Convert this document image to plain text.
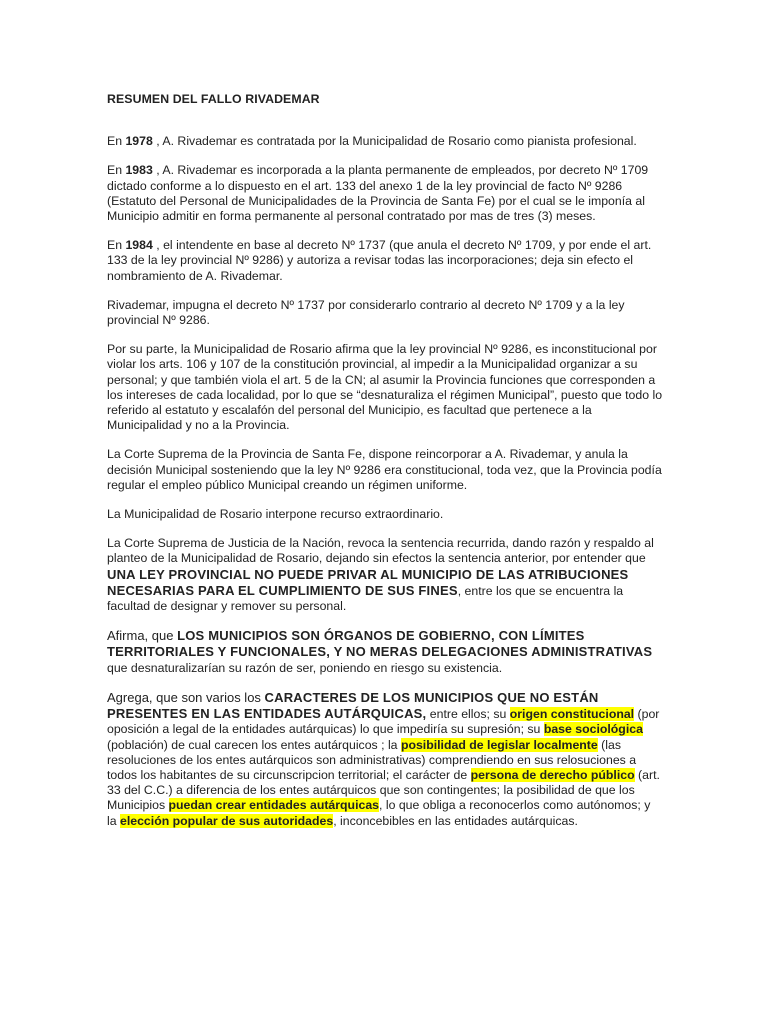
RESUMEN DEL FALLO RIVADEMAR

En 1978 , A. Rivademar es contratada por la Municipalidad de Rosario como pianista profesional.

En 1983 , A. Rivademar es incorporada a la planta permanente de empleados, por decreto Nº 1709 dictado conforme a lo dispuesto en el art. 133 del anexo 1 de la ley provincial de facto Nº 9286 (Estatuto del Personal de Municipalidades de la Provincia de Santa Fe) por el cual se le imponía al Municipio admitir en forma permanente al personal contratado por mas de tres (3) meses.

En 1984 , el intendente en base al decreto Nº 1737 (que anula el decreto Nº 1709, y por ende el art. 133 de la ley provincial Nº 9286) y autoriza a revisar todas las incorporaciones; deja sin efecto el nombramiento de A. Rivademar.

Rivademar, impugna el decreto Nº 1737 por considerarlo contrario al decreto Nº 1709 y a la ley provincial Nº 9286.

Por su parte, la Municipalidad de Rosario afirma que la ley provincial Nº 9286, es inconstitucional por violar los arts. 106 y 107 de la constitución provincial, al impedir a la Municipalidad organizar a su personal; y que también viola el art. 5 de la CN; al asumir la Provincia funciones que corresponden a los intereses de cada localidad, por lo que se “desnaturaliza el régimen Municipal”, puesto que todo lo referido al estatuto y escalafón del personal del Municipio, es facultad que pertenece a la Municipalidad y no a la Provincia.

La Corte Suprema de la Provincia de Santa Fe, dispone reincorporar a A. Rivademar, y anula la decisión Municipal sosteniendo que la ley Nº 9286 era constitucional, toda vez, que la Provincia podía regular el empleo público Municipal creando un régimen uniforme.

La Municipalidad de Rosario interpone recurso extraordinario.

La Corte Suprema de Justicia de la Nación, revoca la sentencia recurrida, dando razón y respaldo al planteo de la Municipalidad de Rosario, dejando sin efectos la sentencia anterior, por entender que UNA LEY PROVINCIAL NO PUEDE PRIVAR AL MUNICIPIO DE LAS ATRIBUCIONES NECESARIAS PARA EL CUMPLIMIENTO DE SUS FINES, entre los que se encuentra la facultad de designar y remover su personal.

Afirma, que LOS MUNICIPIOS SON ÓRGANOS DE GOBIERNO, CON LÍMITES TERRITORIALES Y FUNCIONALES, Y NO MERAS DELEGACIONES ADMINISTRATIVAS que desnaturalizarían su razón de ser, poniendo en riesgo su existencia.

Agrega, que son varios los CARACTERES DE LOS MUNICIPIOS QUE NO ESTÁN PRESENTES EN LAS ENTIDADES AUTÁRQUICAS, entre ellos; su origen constitucional (por oposición a legal de la entidades autárquicas) lo que impediría su supresión; su base sociológica (población) de cual carecen los entes autárquicos ; la posibilidad de legislar localmente (las resoluciones de los entes autárquicos son administrativas) comprendiendo en sus relosuciones a todos los habitantes de su circunscripcion territorial; el carácter de persona de derecho público (art. 33 del C.C.) a diferencia de los entes autárquicos que son contingentes; la posibilidad de que los Municipios puedan crear entidades autárquicas, lo que obliga a reconocerlos como autónomos; y la elección popular de sus autoridades, inconcebibles en las entidades autárquicas.
